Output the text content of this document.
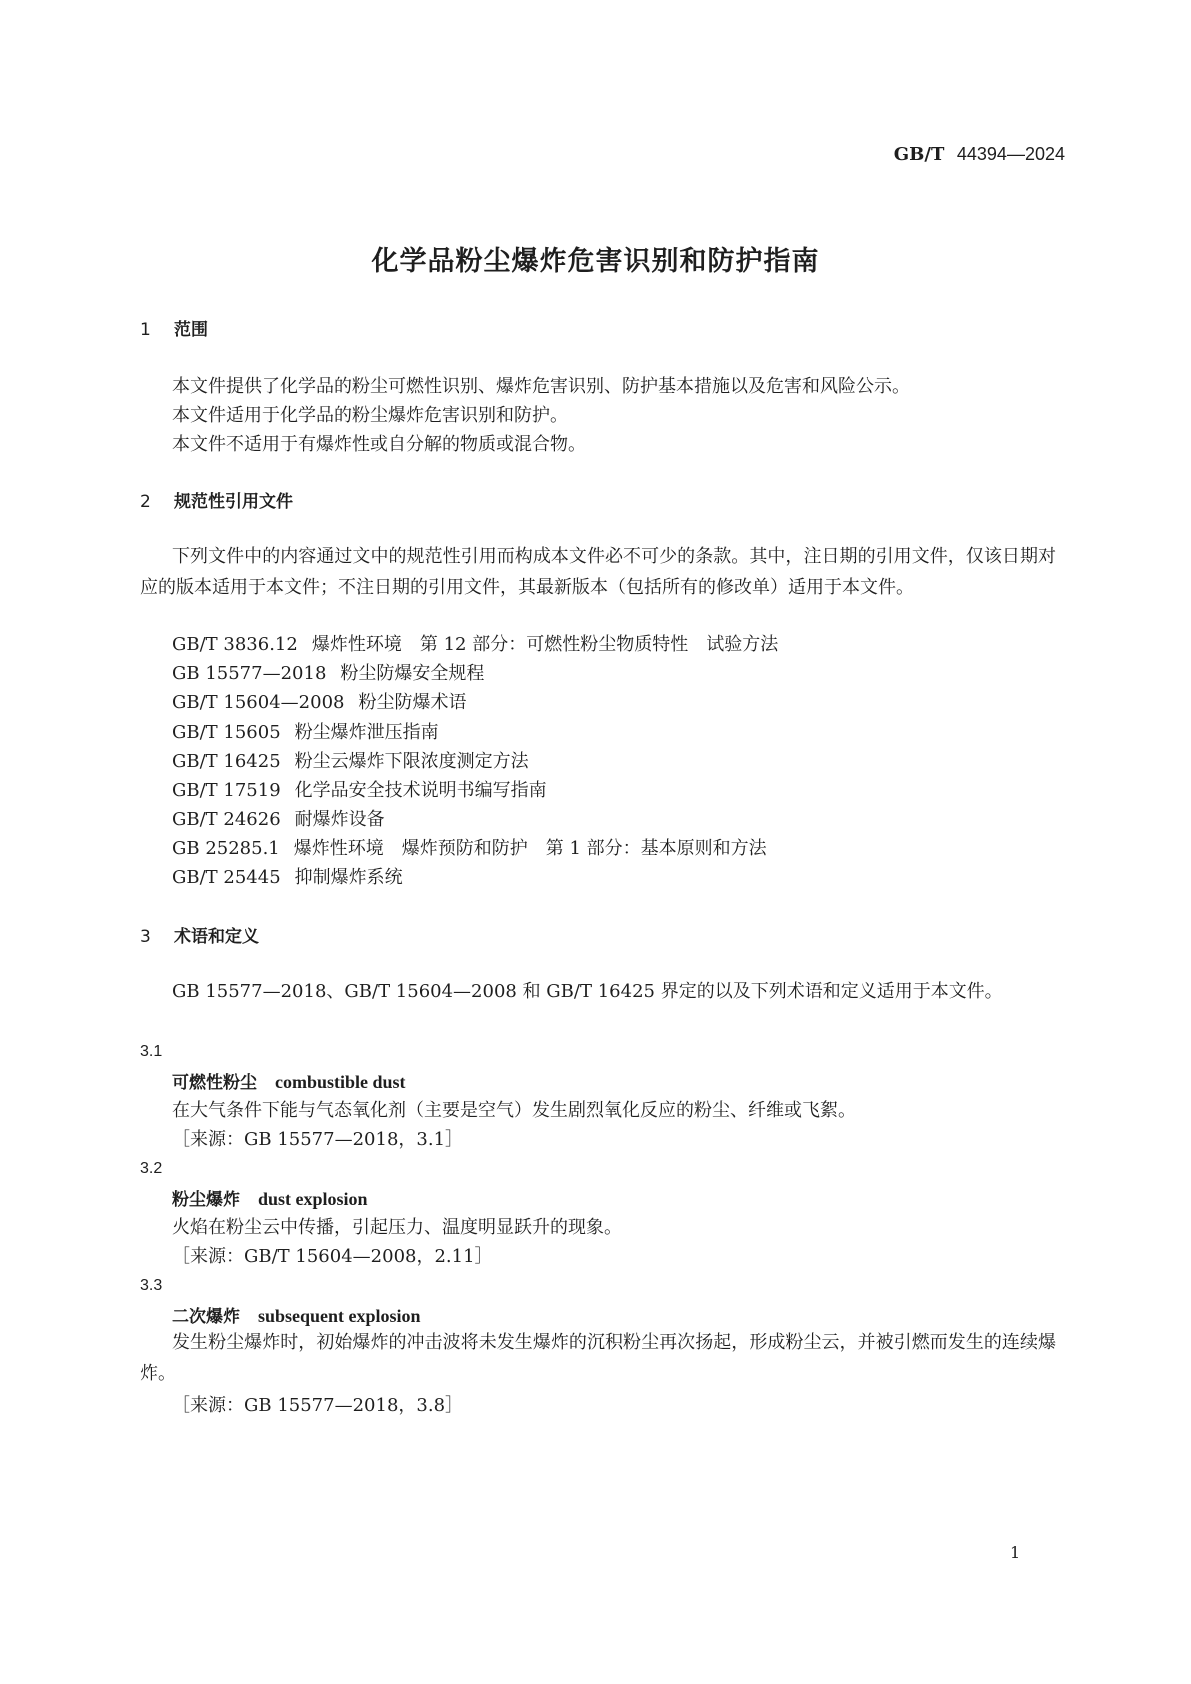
GB/T 44394—2024
化学品粉尘爆炸危害识别和防护指南
1 范围
本文件提供了化学品的粉尘可燃性识别、爆炸危害识别、防护基本措施以及危害和风险公示。
本文件适用于化学品的粉尘爆炸危害识别和防护。
本文件不适用于有爆炸性或自分解的物质或混合物。
2 规范性引用文件
下列文件中的内容通过文中的规范性引用而构成本文件必不可少的条款。其中，注日期的引用文件，仅该日期对应的版本适用于本文件；不注日期的引用文件，其最新版本（包括所有的修改单）适用于本文件。
GB/T 3836.12 爆炸性环境　第 12 部分：可燃性粉尘物质特性　试验方法
GB 15577—2018 粉尘防爆安全规程
GB/T 15604—2008 粉尘防爆术语
GB/T 15605 粉尘爆炸泄压指南
GB/T 16425 粉尘云爆炸下限浓度测定方法
GB/T 17519 化学品安全技术说明书编写指南
GB/T 24626 耐爆炸设备
GB 25285.1 爆炸性环境　爆炸预防和防护　第 1 部分：基本原则和方法
GB/T 25445 抑制爆炸系统
3 术语和定义
GB 15577—2018、GB/T 15604—2008 和 GB/T 16425 界定的以及下列术语和定义适用于本文件。
3.1
可燃性粉尘 combustible dust
在大气条件下能与气态氧化剂（主要是空气）发生剧烈氧化反应的粉尘、纤维或飞絮。
［来源：GB 15577—2018，3.1］
3.2
粉尘爆炸 dust explosion
火焰在粉尘云中传播，引起压力、温度明显跃升的现象。
［来源：GB/T 15604—2008，2.11］
3.3
二次爆炸 subsequent explosion
发生粉尘爆炸时，初始爆炸的冲击波将未发生爆炸的沉积粉尘再次扬起，形成粉尘云，并被引燃而发生的连续爆炸。
［来源：GB 15577—2018，3.8］
1
